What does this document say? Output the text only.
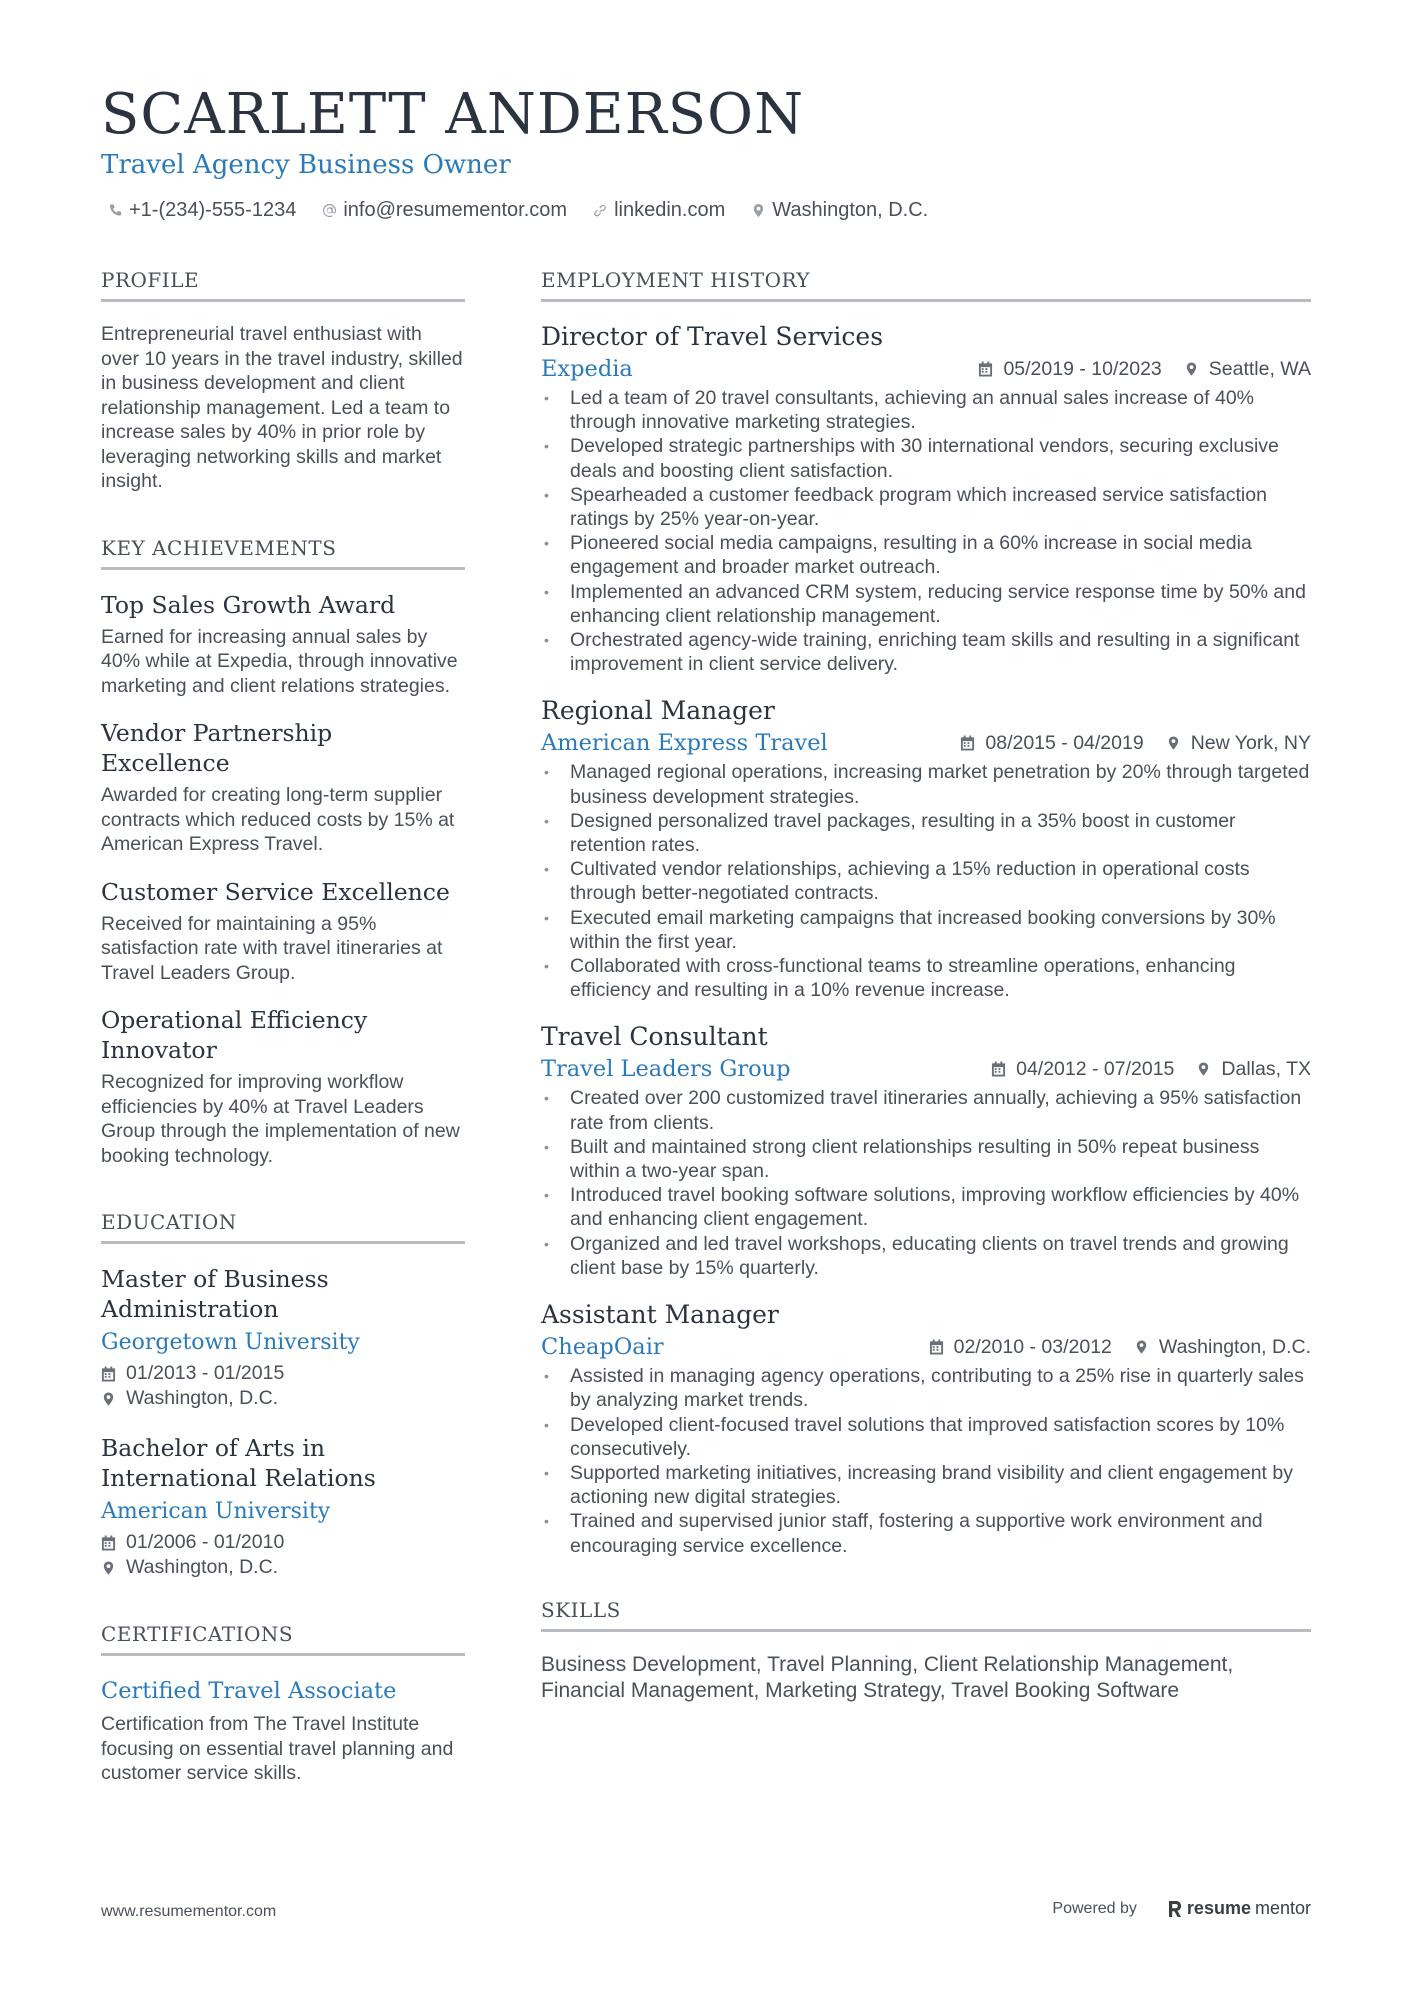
SCARLETT ANDERSON
Travel Agency Business Owner
+1-(234)-555-1234 info@resumementor.com linkedin.com Washington, D.C.
PROFILE
Entrepreneurial travel enthusiast with over 10 years in the travel industry, skilled in business development and client relationship management. Led a team to increase sales by 40% in prior role by leveraging networking skills and market insight.
KEY ACHIEVEMENTS
Top Sales Growth Award
Earned for increasing annual sales by 40% while at Expedia, through innovative marketing and client relations strategies.
Vendor Partnership Excellence
Awarded for creating long-term supplier contracts which reduced costs by 15% at American Express Travel.
Customer Service Excellence
Received for maintaining a 95% satisfaction rate with travel itineraries at Travel Leaders Group.
Operational Efficiency Innovator
Recognized for improving workflow efficiencies by 40% at Travel Leaders Group through the implementation of new booking technology.
EDUCATION
Master of Business Administration
Georgetown University
01/2013 - 01/2015
Washington, D.C.
Bachelor of Arts in International Relations
American University
01/2006 - 01/2010
Washington, D.C.
CERTIFICATIONS
Certified Travel Associate
Certification from The Travel Institute focusing on essential travel planning and customer service skills.
EMPLOYMENT HISTORY
Director of Travel Services
Expedia	05/2019 - 10/2023 Seattle, WA
• Led a team of 20 travel consultants, achieving an annual sales increase of 40% through innovative marketing strategies.
• Developed strategic partnerships with 30 international vendors, securing exclusive deals and boosting client satisfaction.
• Spearheaded a customer feedback program which increased service satisfaction ratings by 25% year-on-year.
• Pioneered social media campaigns, resulting in a 60% increase in social media engagement and broader market outreach.
• Implemented an advanced CRM system, reducing service response time by 50% and enhancing client relationship management.
• Orchestrated agency-wide training, enriching team skills and resulting in a significant improvement in client service delivery.
Regional Manager
American Express Travel	08/2015 - 04/2019 New York, NY
• Managed regional operations, increasing market penetration by 20% through targeted business development strategies.
• Designed personalized travel packages, resulting in a 35% boost in customer retention rates.
• Cultivated vendor relationships, achieving a 15% reduction in operational costs through better-negotiated contracts.
• Executed email marketing campaigns that increased booking conversions by 30% within the first year.
• Collaborated with cross-functional teams to streamline operations, enhancing efficiency and resulting in a 10% revenue increase.
Travel Consultant
Travel Leaders Group	04/2012 - 07/2015 Dallas, TX
• Created over 200 customized travel itineraries annually, achieving a 95% satisfaction rate from clients.
• Built and maintained strong client relationships resulting in 50% repeat business within a two-year span.
• Introduced travel booking software solutions, improving workflow efficiencies by 40% and enhancing client engagement.
• Organized and led travel workshops, educating clients on travel trends and growing client base by 15% quarterly.
Assistant Manager
CheapOair	02/2010 - 03/2012 Washington, D.C.
• Assisted in managing agency operations, contributing to a 25% rise in quarterly sales by analyzing market trends.
• Developed client-focused travel solutions that improved satisfaction scores by 10% consecutively.
• Supported marketing initiatives, increasing brand visibility and client engagement by actioning new digital strategies.
• Trained and supervised junior staff, fostering a supportive work environment and encouraging service excellence.
SKILLS
Business Development, Travel Planning, Client Relationship Management, Financial Management, Marketing Strategy, Travel Booking Software
www.resumementor.com	Powered by	resume mentor
